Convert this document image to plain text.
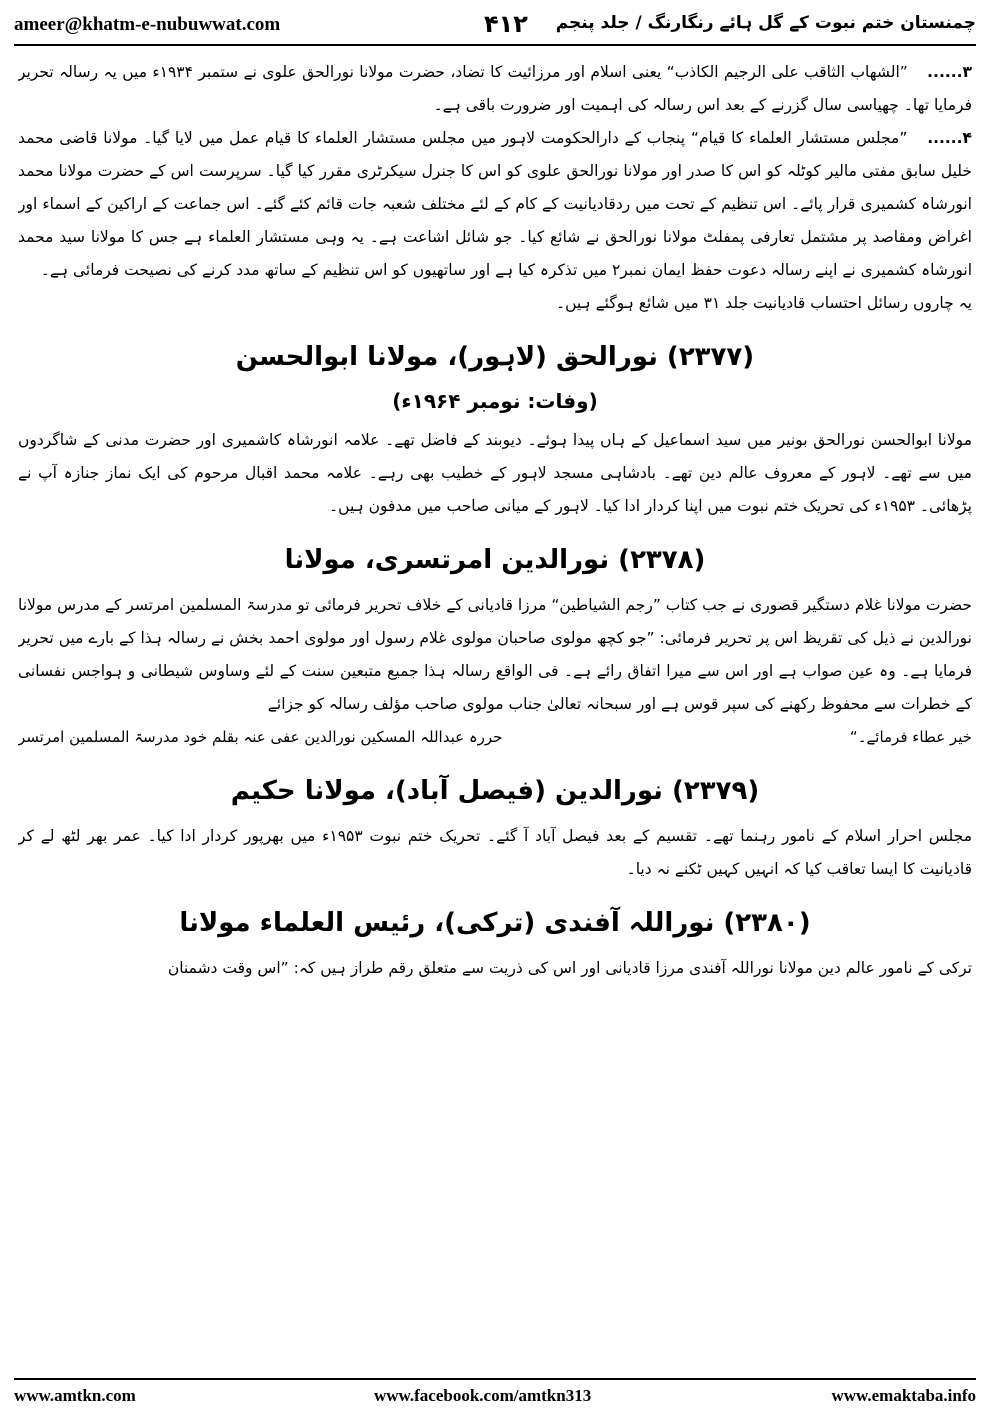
ameer@khatm-e-nubuwwat.com	۴۱۲ چمنستان ختم نبوت کے گل ہائے رنگارنگ / جلد پنجم

۳...... ”الشهاب الثاقب على الرجيم الكاذب“ یعنی اسلام اور مرزائیت کا تضاد، حضرت مولانا نورالحق علوی نے ستمبر ۱۹۳۴ء میں یہ رسالہ تحریر فرمایا تھا۔ چھیاسی سال گزرنے کے بعد اس رسالہ کی اہمیت اور ضرورت باقی ہے۔

۴...... ”مجلس مستشار العلماء کا قیام“ پنجاب کے دارالحکومت لاہور میں مجلس مستشار العلماء کا قیام عمل میں لایا گیا۔ مولانا قاضی محمد خلیل سابق مفتی مالیر کوٹلہ کو اس کا صدر اور مولانا نورالحق علوی کو اس کا جنرل سیکرٹری مقرر کیا گیا۔ سرپرست اس کے حضرت مولانا محمد انورشاہ کشمیری قرار پائے۔ اس تنظیم کے تحت میں ردقادیانیت کے کام کے لئے مختلف شعبہ جات قائم کئے گئے۔ اس جماعت کے اراکین کے اسماء اور اغراض ومقاصد پر مشتمل تعارفی پمفلٹ مولانا نورالحق نے شائع کیا۔ جو شائل اشاعت ہے۔ یہ وہی مستشار العلماء ہے جس کا مولانا سید محمد انورشاہ کشمیری نے اپنے رسالہ دعوت حفظ ایمان نمبر۲ میں تذکرہ کیا ہے اور ساتھیوں کو اس تنظیم کے ساتھ مدد کرنے کی نصیحت فرمائی ہے۔

یہ چاروں رسائل احتساب قادیانیت جلد ۳۱ میں شائع ہوگئے ہیں۔

(۲۳۷۷) نورالحق (لاہور)، مولانا ابوالحسن
(وفات: نومبر ۱۹۶۴ء)

مولانا ابوالحسن نورالحق بونیر میں سید اسماعیل کے ہاں پیدا ہوئے۔ دیوبند کے فاضل تھے۔ علامہ انورشاہ کاشمیری اور حضرت مدنی کے شاگردوں میں سے تھے۔ لاہور کے معروف عالم دین تھے۔ بادشاہی مسجد لاہور کے خطیب بھی رہے۔ علامہ محمد اقبال مرحوم کی ایک نماز جنازہ آپ نے پڑھائی۔ ۱۹۵۳ء کی تحریک ختم نبوت میں اپنا کردار ادا کیا۔ لاہور کے میانی صاحب میں مدفون ہیں۔

(۲۳۷۸) نورالدین امرتسری، مولانا

حضرت مولانا غلام دستگیر قصوری نے جب کتاب ”رجم الشیاطین“ مرزا قادیانی کے خلاف تحریر فرمائی تو مدرسۃ المسلمین امرتسر کے مدرس مولانا نورالدین نے ذیل کی تقریظ اس پر تحریر فرمائی: ”جو کچھ مولوی صاحبان مولوی غلام رسول اور مولوی احمد بخش نے رسالہ ہذا کے بارے میں تحریر فرمایا ہے۔ وہ عین صواب ہے اور اس سے میرا اتفاق رائے ہے۔ فی الواقع رسالہ ہذا جمیع متبعین سنت کے لئے وساوس شیطانی و ہواجس نفسانی کے خطرات سے محفوظ رکھنے کی سپر قوس ہے اور سبحانہ تعالیٰ جناب مولوی صاحب مؤلف رسالہ کو جزائے

خیر عطاء فرمائے۔“
حررہ عبداللہ المسکین نورالدین عفی عنہ بقلم خود مدرسۃ المسلمین امرتسر
(۲۳۷۹) نورالدین (فیصل آباد)، مولانا حکیم

مجلس احرار اسلام کے نامور رہنما تھے۔ تقسیم کے بعد فیصل آباد آ گئے۔ تحریک ختم نبوت ۱۹۵۳ء میں بھرپور کردار ادا کیا۔ عمر بھر لٹھ لے کر قادیانیت کا ایسا تعاقب کیا کہ انہیں کہیں ٹکنے نہ دیا۔

(۲۳۸۰) نوراللہ آفندی (ترکی)، رئیس العلماء مولانا

ترکی کے نامور عالم دین مولانا نوراللہ آفندی مرزا قادیانی اور اس کی ذریت سے متعلق رقم طراز ہیں کہ: ”اس وقت دشمنان

www.amtkn.com	www.facebook.com/amtkn313	www.emaktaba.info
